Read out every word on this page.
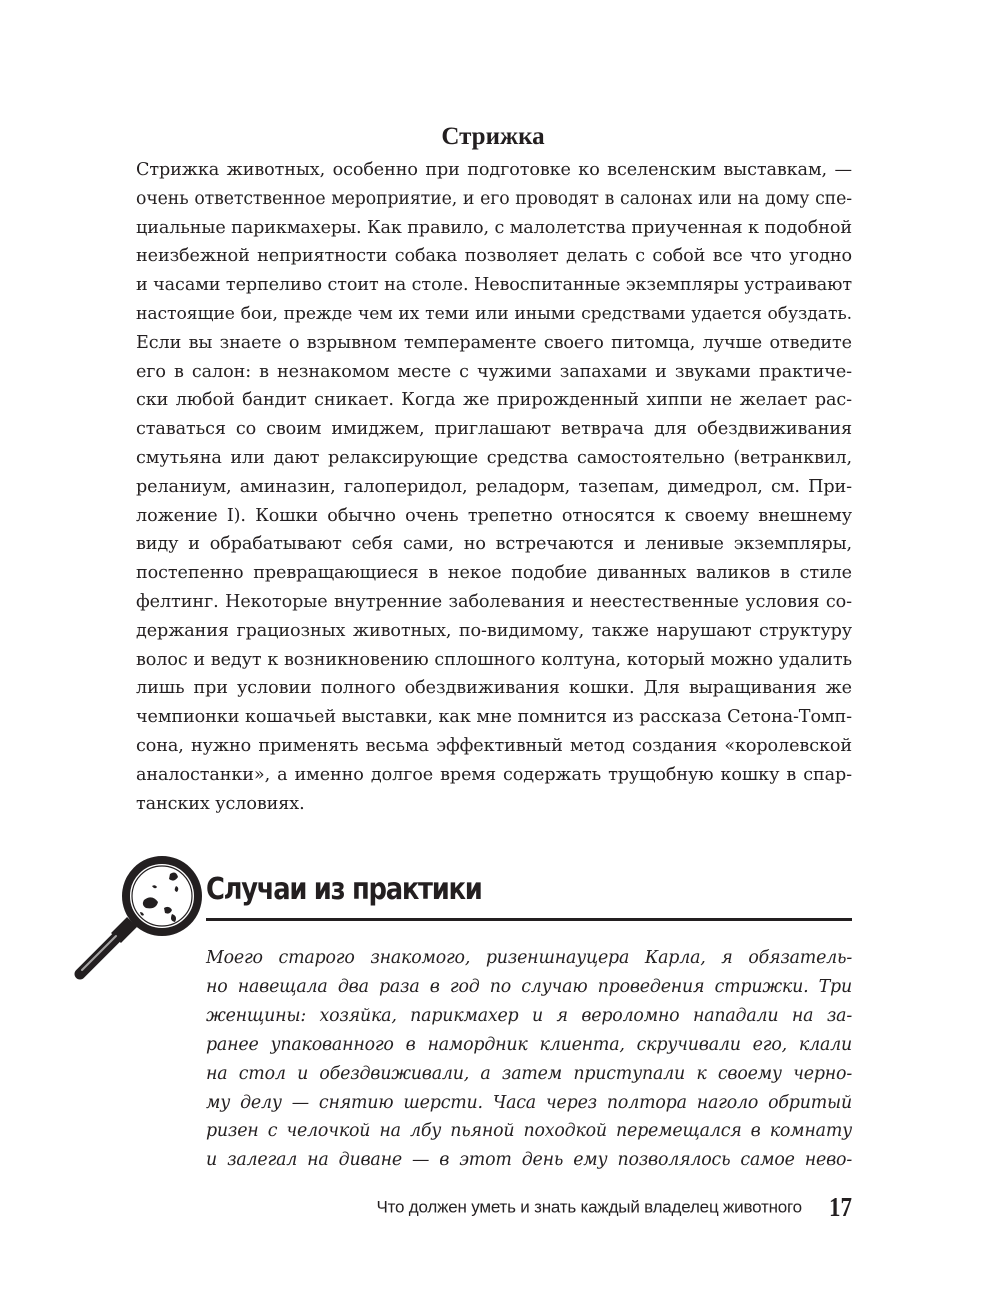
Стрижка
Стрижка животных, особенно при подготовке ко вселенским выставкам, —
очень ответственное мероприятие, и его проводят в салонах или на дому спе-
циальные парикмахеры. Как правило, с малолетства приученная к подобной
неизбежной неприятности собака позволяет делать с собой все что угодно
и часами терпеливо стоит на столе. Невоспитанные экземпляры устраивают
настоящие бои, прежде чем их теми или иными средствами удается обуздать.
Если вы знаете о взрывном темпераменте своего питомца, лучше отведите
его в салон: в незнакомом месте с чужими запахами и звуками практиче-
ски любой бандит сникает. Когда же прирожденный хиппи не желает рас-
ставаться со своим имиджем, приглашают ветврача для обездвиживания
смутьяна или дают релаксирующие средства самостоятельно (ветранквил,
реланиум, аминазин, галоперидол, реладорм, тазепам, димедрол, см. При-
ложение I). Кошки обычно очень трепетно относятся к своему внешнему
виду и обрабатывают себя сами, но встречаются и ленивые экземпляры,
постепенно превращающиеся в некое подобие диванных валиков в стиле
фелтинг. Некоторые внутренние заболевания и неестественные условия со-
держания грациозных животных, по-видимому, также нарушают структуру
волос и ведут к возникновению сплошного колтуна, который можно удалить
лишь при условии полного обездвиживания кошки. Для выращивания же
чемпионки кошачьей выставки, как мне помнится из рассказа Сетона-Томп-
сона, нужно применять весьма эффективный метод создания «королевской
аналостанки», а именно долгое время содержать трущобную кошку в спар-
танских условиях.
Случаи из практики
Моего старого знакомого, ризеншнауцера Карла, я обязатель-
но навещала два раза в год по случаю проведения стрижки. Три
женщины: хозяйка, парикмахер и я вероломно нападали на за-
ранее упакованного в намордник клиента, скручивали его, клали
на стол и обездвиживали, а затем приступали к своему черно-
му делу — снятию шерсти. Часа через полтора наголо обритый
ризен с челочкой на лбу пьяной походкой перемещался в комнату
и залегал на диване — в этот день ему позволялось самое нево-
Что должен уметь и знать каждый владелец животного 17
